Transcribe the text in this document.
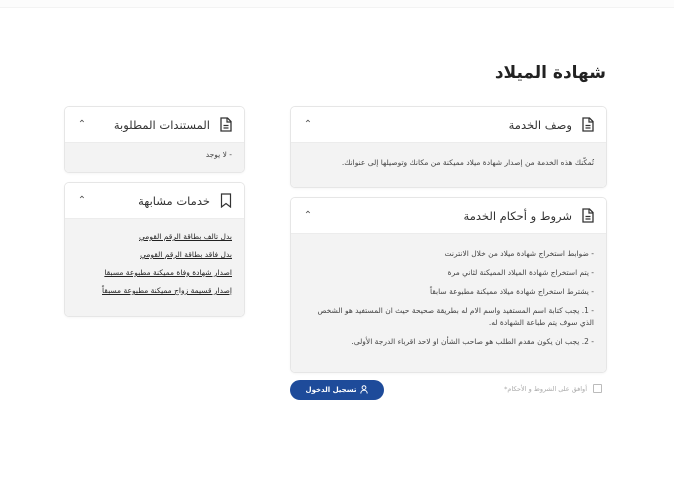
شهادة الميلاد
وصف الخدمة
⌃
تُمكّنك هذه الخدمة من إصدار شهادة ميلاد مميكنة من مكانك وتوصيلها إلى عنوانك.
شروط و أحكام الخدمة
⌃

- ضوابط استخراج شهادة ميلاد من خلال الانترنت

- يتم استخراج شهادة الميلاد المميكنة لثاني مرة

- يشترط استخراج شهادة ميلاد مميكنة مطبوعة سابقاً

- 1. يجب كتابة اسم المستفيد واسم الام له بطريقة صحيحة حيث ان المستفيد هو الشخص الذي سوف يتم طباعة الشهادة له.

- 2. يجب ان يكون مقدم الطلب هو صاحب الشأن او لاحد اقرباء الدرجة الأولى.

أوافق على الشروط و الأحكام*
تسجيل الدخول
المستندات المطلوبة
⌃
- لا يوجد
خدمات مشابهة
⌃
بدل تالف بطاقة الرقم القومي
بدل فاقد بطاقة الرقم القومي
اصدار شهادة وفاة مميكنة مطبوعة مسبقا
إصدار قسيمة زواج مميكنة مطبوعة مسبقاً
